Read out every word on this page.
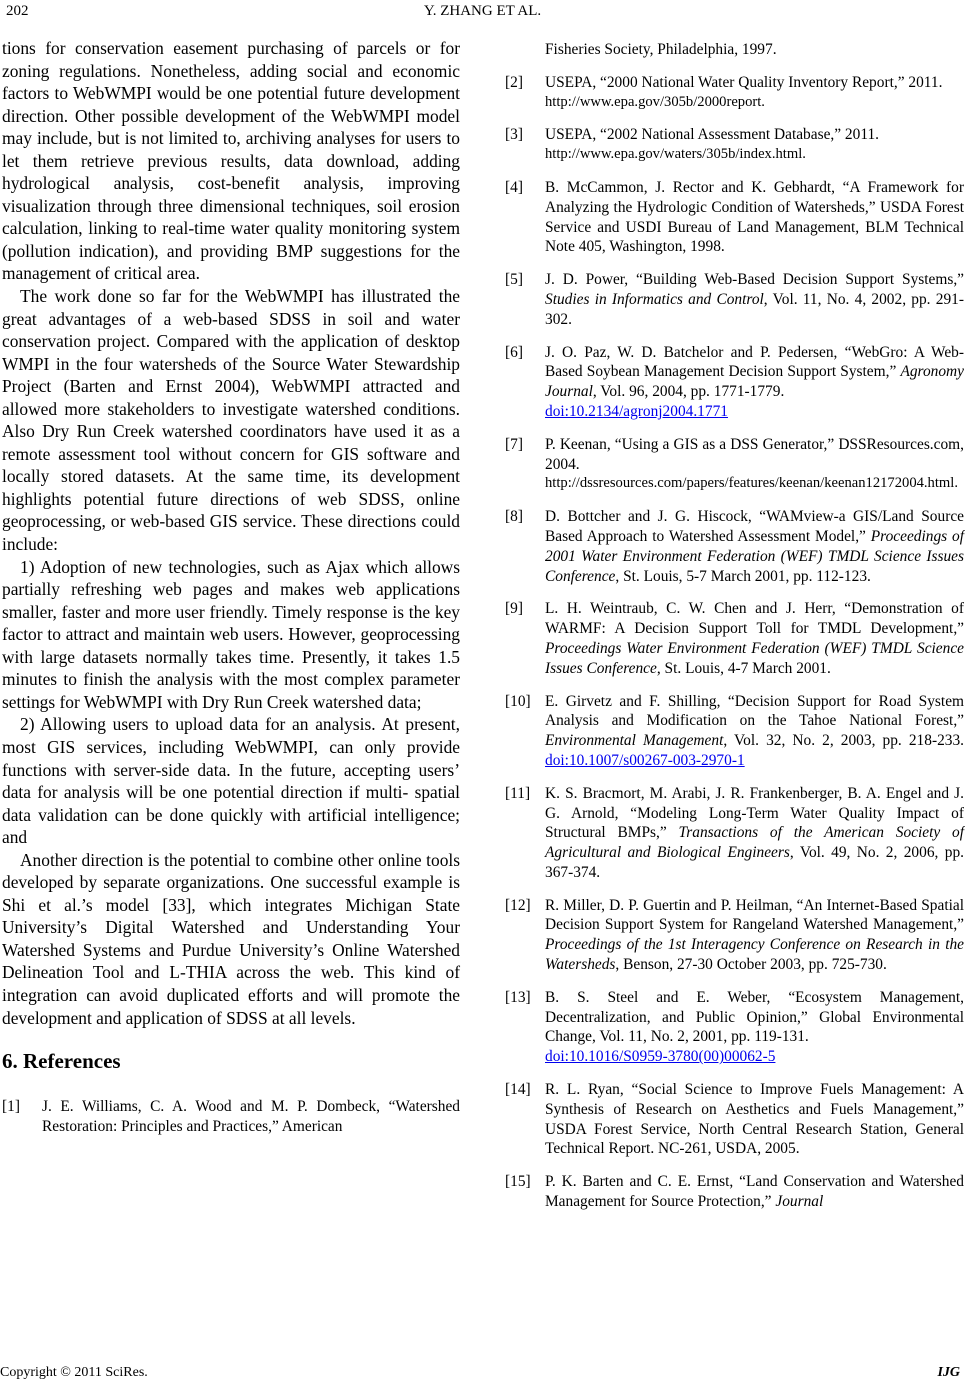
202	Y. ZHANG ET AL.

tions for conservation easement purchasing of parcels or for zoning regulations. Nonetheless, adding social and economic factors to WebWMPI would be one potential future development direction. Other possible development of the WebWMPI model may include, but is not limited to, archiving analyses for users to let them retrieve previous results, data download, adding hydrological analysis, cost-benefit analysis, improving visualization through three dimensional techniques, soil erosion calculation, linking to real-time water quality monitoring system (pollution indication), and providing BMP suggestions for the management of critical area.

The work done so far for the WebWMPI has illustrated the great advantages of a web-based SDSS in soil and water conservation project. Compared with the application of desktop WMPI in the four watersheds of the Source Water Stewardship Project (Barten and Ernst 2004), WebWMPI attracted and allowed more stakeholders to investigate watershed conditions. Also Dry Run Creek watershed coordinators have used it as a remote assessment tool without concern for GIS software and locally stored datasets. At the same time, its development highlights potential future directions of web SDSS, online geoprocessing, or web-based GIS service. These directions could include:

1) Adoption of new technologies, such as Ajax which allows partially refreshing web pages and makes web applications smaller, faster and more user friendly. Timely response is the key factor to attract and maintain web users. However, geoprocessing with large datasets normally takes time. Presently, it takes 1.5 minutes to finish the analysis with the most complex parameter settings for WebWMPI with Dry Run Creek watershed data;

2) Allowing users to upload data for an analysis. At present, most GIS services, including WebWMPI, can only provide functions with server-side data. In the future, accepting users’ data for analysis will be one potential direction if multi- spatial data validation can be done quickly with artificial intelligence; and

Another direction is the potential to combine other online tools developed by separate organizations. One successful example is Shi et al.’s model [33], which integrates Michigan State University’s Digital Watershed and Understanding Your Watershed Systems and Purdue University’s Online Watershed Delineation Tool and L-THIA across the web. This kind of integration can avoid duplicated efforts and will promote the development and application of SDSS at all levels.

6. References
[1]	J. E. Williams, C. A. Wood and M. P. Dombeck, “Watershed Restoration: Principles and Practices,” American
Fisheries Society, Philadelphia, 1997.
[2]	USEPA, “2000 National Water Quality Inventory Report,” 2011.
http://www.epa.gov/305b/2000report.
[3]	USEPA, “2002 National Assessment Database,” 2011.
http://www.epa.gov/waters/305b/index.html.
[4]	B. McCammon, J. Rector and K. Gebhardt, “A Framework for Analyzing the Hydrologic Condition of Watersheds,” USDA Forest Service and USDI Bureau of Land Management, BLM Technical Note 405, Washington, 1998.
[5]	J. D. Power, “Building Web-Based Decision Support Systems,” Studies in Informatics and Control, Vol. 11, No. 4, 2002, pp. 291-302.
[6]	J. O. Paz, W. D. Batchelor and P. Pedersen, “WebGro: A Web-Based Soybean Management Decision Support System,” Agronomy Journal, Vol. 96, 2004, pp. 1771-1779.
doi:10.2134/agronj2004.1771
[7]	P. Keenan, “Using a GIS as a DSS Generator,” DSSResources.com, 2004.
http://dssresources.com/papers/features/keenan/keenan12172004.html.
[8]	D. Bottcher and J. G. Hiscock, “WAMview-a GIS/Land Source Based Approach to Watershed Assessment Model,” Proceedings of 2001 Water Environment Federation (WEF) TMDL Science Issues Conference, St. Louis, 5-7 March 2001, pp. 112-123.
[9]	L. H. Weintraub, C. W. Chen and J. Herr, “Demonstration of WARMF: A Decision Support Toll for TMDL Development,” Proceedings Water Environment Federation (WEF) TMDL Science Issues Conference, St. Louis, 4-7 March 2001.
[10] E. Girvetz and F. Shilling, “Decision Support for Road System Analysis and Modification on the Tahoe National Forest,” Environmental Management, Vol. 32, No. 2, 2003, pp. 218-233. doi:10.1007/s00267-003-2970-1
[11] K. S. Bracmort, M. Arabi, J. R. Frankenberger, B. A. Engel and J. G. Arnold, “Modeling Long-Term Water Quality Impact of Structural BMPs,” Transactions of the American Society of Agricultural and Biological Engineers, Vol. 49, No. 2, 2006, pp. 367-374.
[12] R. Miller, D. P. Guertin and P. Heilman, “An Internet-Based Spatial Decision Support System for Rangeland Watershed Management,” Proceedings of the 1st Interagency Conference on Research in the Watersheds, Benson, 27-30 October 2003, pp. 725-730.
[13] B. S. Steel and E. Weber, “Ecosystem Management, Decentralization, and Public Opinion,” Global Environmental Change, Vol. 11, No. 2, 2001, pp. 119-131.
doi:10.1016/S0959-3780(00)00062-5
[14] R. L. Ryan, “Social Science to Improve Fuels Management: A Synthesis of Research on Aesthetics and Fuels Management,” USDA Forest Service, North Central Research Station, General Technical Report. NC-261, USDA, 2005.
[15] P. K. Barten and C. E. Ernst, “Land Conservation and Watershed Management for Source Protection,” Journal
Copyright © 2011 SciRes.	IJG
